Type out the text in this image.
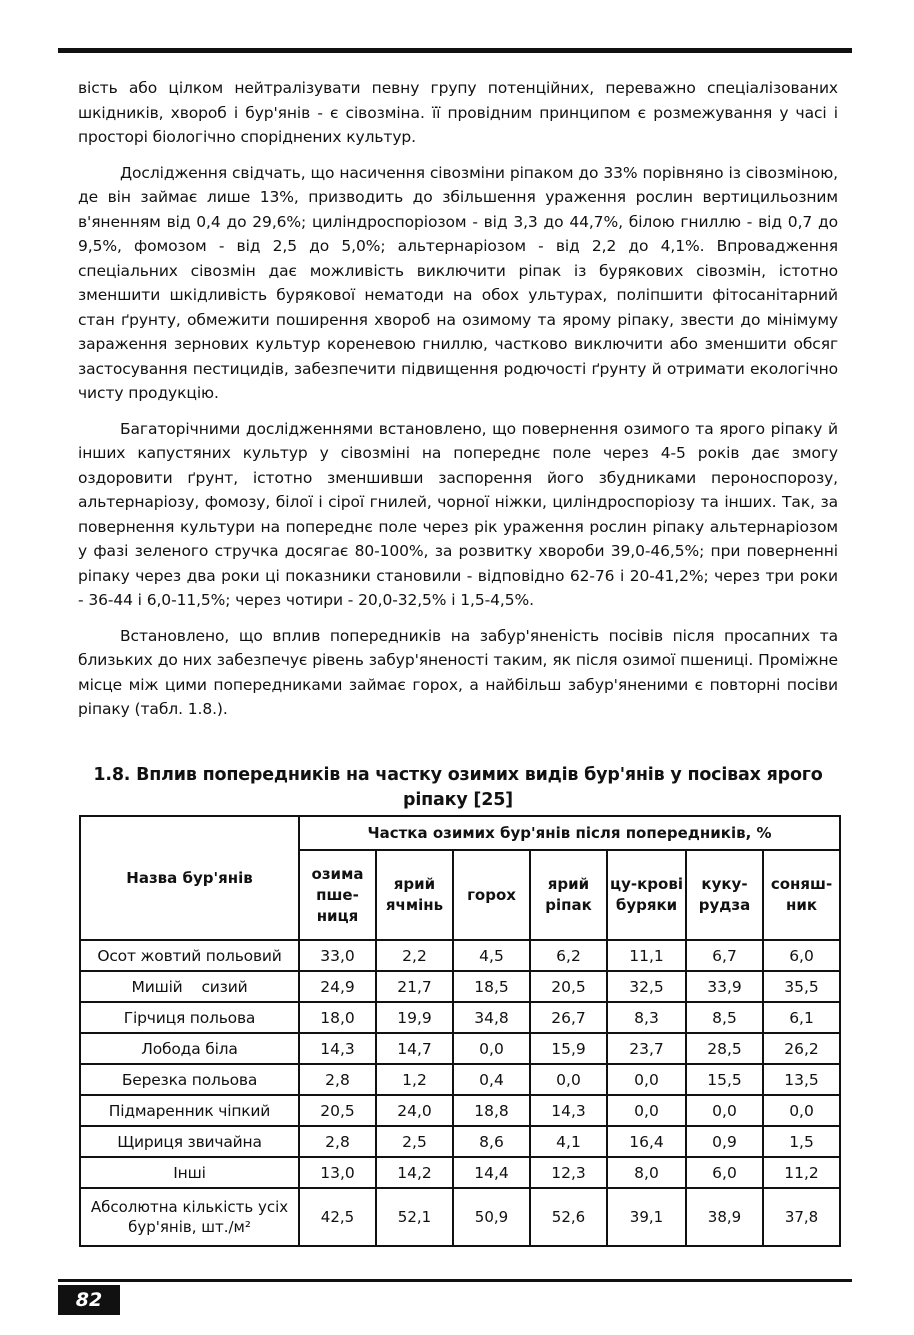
вість або цілком нейтралізувати певну групу потенційних, переважно спеціалізованих шкідників, хвороб і бур'янів - є сівозміна. її провідним принципом є розмежування у часі і просторі біологічно споріднених культур.

Дослідження свідчать, що насичення сівозміни ріпаком до 33% порівняно із сівозміною, де він займає лише 13%, призводить до збільшення ураження рослин вертицильозним в'яненням від 0,4 до 29,6%; циліндроспоріозом - від 3,3 до 44,7%, білою гниллю - від 0,7 до 9,5%, фомозом - від 2,5 до 5,0%; альтернаріозом - від 2,2 до 4,1%. Впровадження спеціальних сівозмін дає можливість виключити ріпак із бурякових сівозмін, істотно зменшити шкідливість бурякової нематоди на обох ультурах, поліпшити фітосанітарний стан ґрунту, обмежити поширення хвороб на озимому та ярому ріпаку, звести до мінімуму зараження зернових культур кореневою гниллю, частково виключити або зменшити обсяг застосування пестицидів, забезпечити підвищення родючості ґрунту й отримати екологічно чисту продукцію.

Багаторічними дослідженнями встановлено, що повернення озимого та ярого ріпаку й інших капустяних культур у сівозміні на попереднє поле через 4-5 років дає змогу оздоровити ґрунт, істотно зменшивши заспорення його збудниками пероноспорозу, альтернаріозу, фомозу, білої і сірої гнилей, чорної ніжки, циліндроспоріозу та інших. Так, за повернення культури на попереднє поле через рік ураження рослин ріпаку альтернаріозом у фазі зеленого стручка досягає 80-100%, за розвитку хвороби 39,0-46,5%; при поверненні ріпаку через два роки ці показники становили - відповідно 62-76 і 20-41,2%; через три роки - 36-44 і 6,0-11,5%; через чотири - 20,0-32,5% і 1,5-4,5%.

Встановлено, що вплив попередників на забур'яненість посівів після просапних та близьких до них забезпечує рівень забур'яненості таким, як після озимої пшениці. Проміжне місце між цими попередниками займає горох, а найбільш забур'яненими є повторні посіви ріпаку (табл. 1.8.).

1.8. Вплив попередників на частку озимих видів бур'янів у посівах ярого ріпаку [25]
Назва бур'янів	Частка озимих бур'янів після попередників, %						
	озима пше-ниця	ярий ячмінь	горох	ярий ріпак	цу-крові буряки	куку-рудза	соняш-ник
Осот жовтий польовий	33,0	2,2	4,5	6,2	11,1	6,7	6,0
Мишій    сизий	24,9	21,7	18,5	20,5	32,5	33,9	35,5
Гірчиця польова	18,0	19,9	34,8	26,7	8,3	8,5	6,1
Лобода біла	14,3	14,7	0,0	15,9	23,7	28,5	26,2
Березка польова	2,8	1,2	0,4	0,0	0,0	15,5	13,5
Підмаренник чіпкий	20,5	24,0	18,8	14,3	0,0	0,0	0,0
Щириця звичайна	2,8	2,5	8,6	4,1	16,4	0,9	1,5
Інші	13,0	14,2	14,4	12,3	8,0	6,0	11,2
Абсолютна кількість усіх бур'янів, шт./м²	42,5	52,1	50,9	52,6	39,1	38,9	37,8
82
